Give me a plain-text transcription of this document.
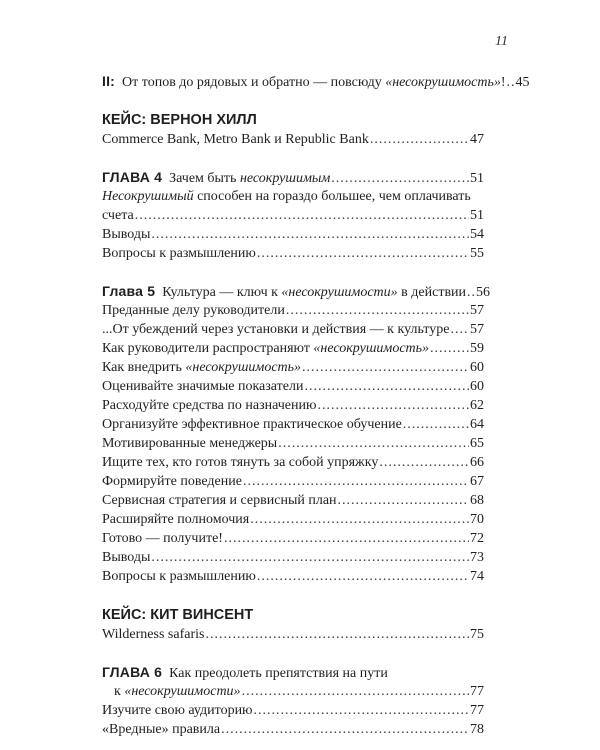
11
II: От топов до рядовых и обратно — повсюду «несокрушимость»! ..... 45
КЕЙС: ВЕРНОН ХИЛЛ
Commerce Bank, Metro Bank и Republic Bank .....	47
ГЛАВА 4 Зачем быть несокрушимым .....	51
Несокрушимый способен на гораздо большее, чем оплачивать
счета .....	51
Выводы .....	54
Вопросы к размышлению .....	55
Глава 5 Культура — ключ к «несокрушимости» в действии ..... 56
Преданные делу руководители .....	57
...От убеждений через установки и действия — к культуре ..... 57
Как руководители распространяют «несокрушимость» .....	59
Как внедрить «несокрушимость» .....	60
Оценивайте значимые показатели .....	60
Расходуйте средства по назначению .....	62
Организуйте эффективное практическое обучение .....	64
Мотивированные менеджеры .....	65
Ищите тех, кто готов тянуть за собой упряжку .....	66
Формируйте поведение .....	67
Сервисная стратегия и сервисный план .....	68
Расширяйте полномочия .....	70
Готово — получите! .....	72
Выводы .....	73
Вопросы к размышлению .....	74
КЕЙС: КИТ ВИНСЕНТ
Wilderness safaris .....	75
ГЛАВА 6 Как преодолеть препятствия на пути
к «несокрушимости» .....	77
Изучите свою аудиторию .....	77
«Вредные» правила .....	78
